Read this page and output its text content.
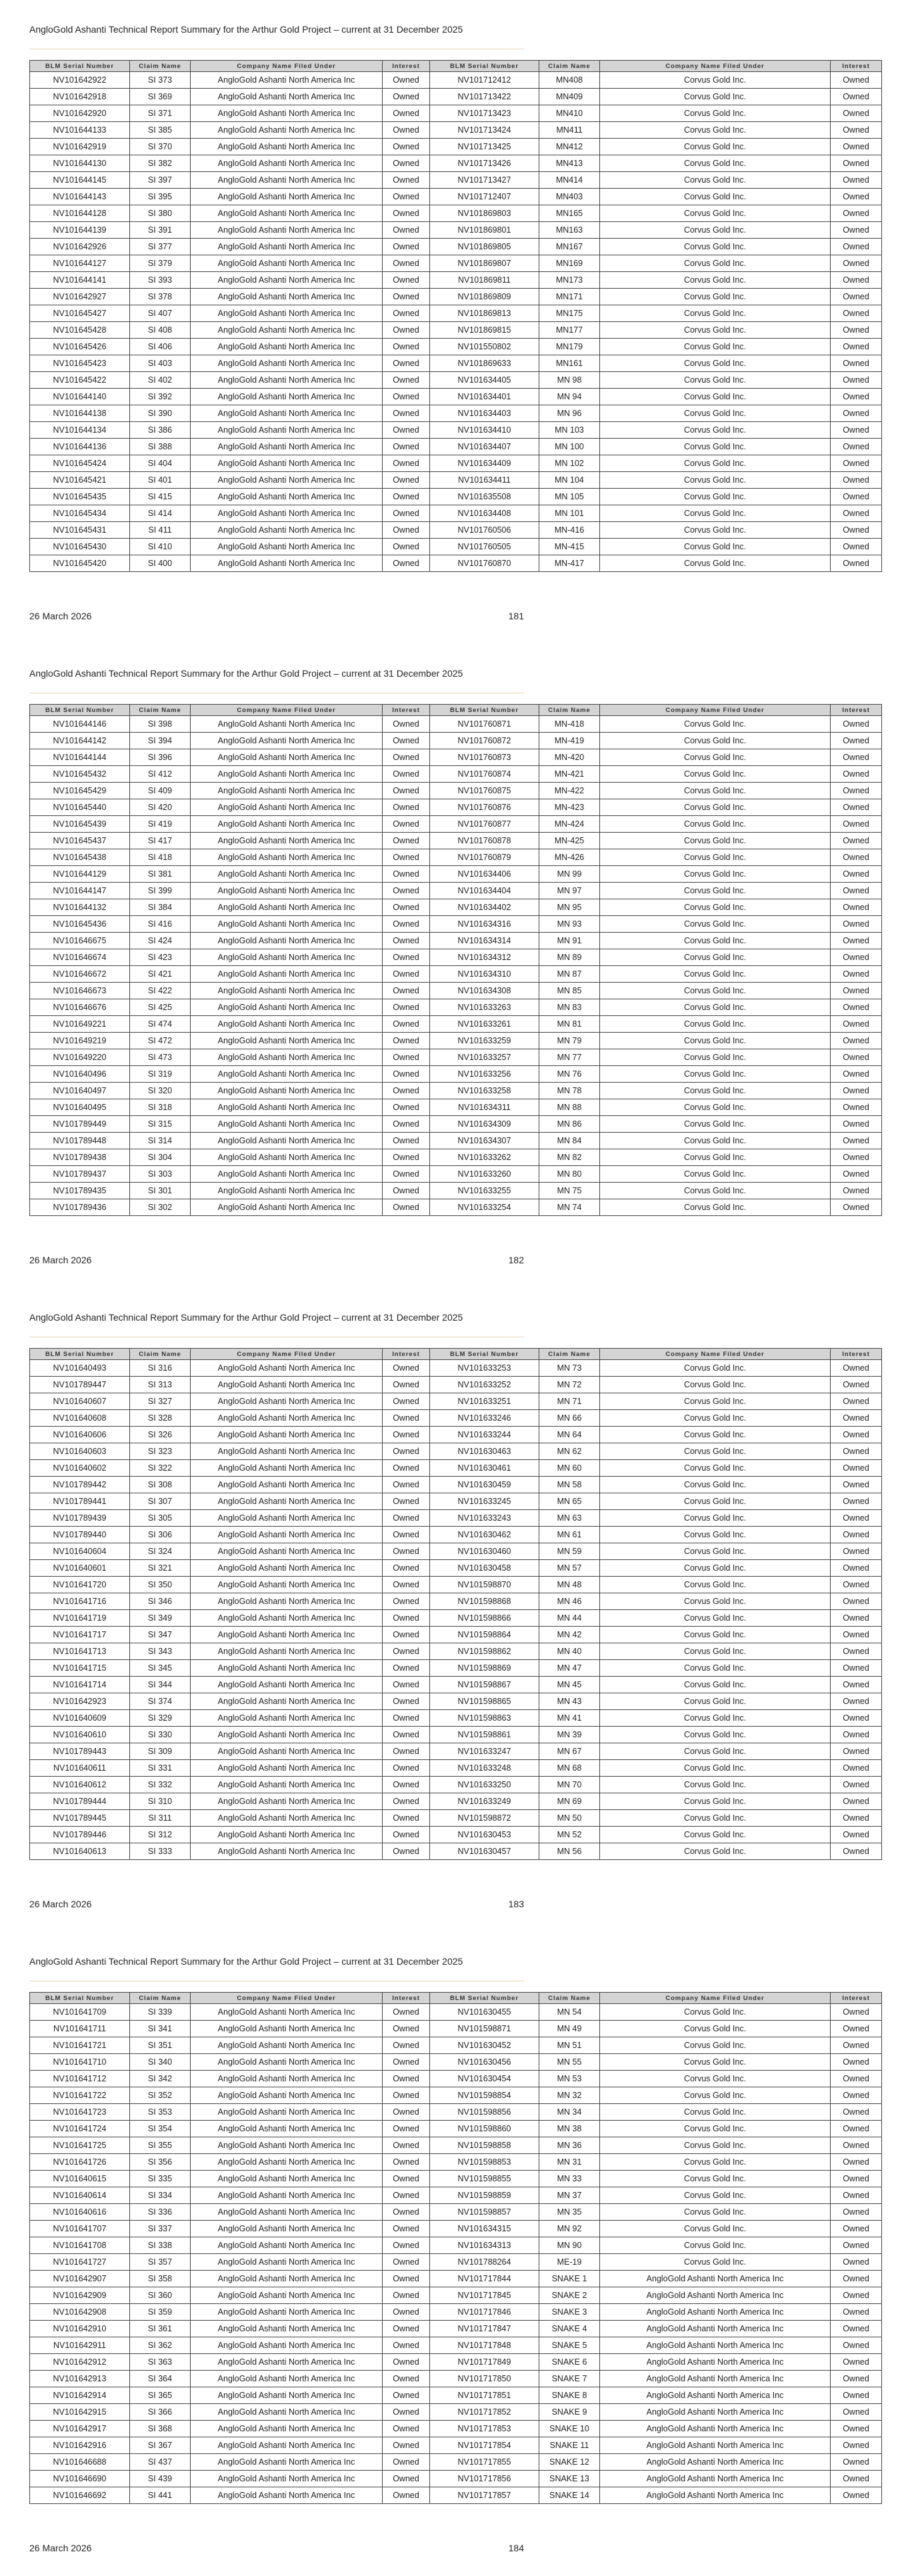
AngloGold Ashanti Technical Report Summary for the Arthur Gold Project – current at 31 December 2025
BLM Serial Number	Claim Name	Company Name Filed Under	Interest	BLM Serial Number	Claim Name	Company Name Filed Under	Interest
NV101642922	SI 373	AngloGold Ashanti North America Inc	Owned	NV101712412	MN408	Corvus Gold Inc.	Owned
NV101642918	SI 369	AngloGold Ashanti North America Inc	Owned	NV101713422	MN409	Corvus Gold Inc.	Owned
NV101642920	SI 371	AngloGold Ashanti North America Inc	Owned	NV101713423	MN410	Corvus Gold Inc.	Owned
NV101644133	SI 385	AngloGold Ashanti North America Inc	Owned	NV101713424	MN411	Corvus Gold Inc.	Owned
NV101642919	SI 370	AngloGold Ashanti North America Inc	Owned	NV101713425	MN412	Corvus Gold Inc.	Owned
NV101644130	SI 382	AngloGold Ashanti North America Inc	Owned	NV101713426	MN413	Corvus Gold Inc.	Owned
NV101644145	SI 397	AngloGold Ashanti North America Inc	Owned	NV101713427	MN414	Corvus Gold Inc.	Owned
NV101644143	SI 395	AngloGold Ashanti North America Inc	Owned	NV101712407	MN403	Corvus Gold Inc.	Owned
NV101644128	SI 380	AngloGold Ashanti North America Inc	Owned	NV101869803	MN165	Corvus Gold Inc.	Owned
NV101644139	SI 391	AngloGold Ashanti North America Inc	Owned	NV101869801	MN163	Corvus Gold Inc.	Owned
NV101642926	SI 377	AngloGold Ashanti North America Inc	Owned	NV101869805	MN167	Corvus Gold Inc.	Owned
NV101644127	SI 379	AngloGold Ashanti North America Inc	Owned	NV101869807	MN169	Corvus Gold Inc.	Owned
NV101644141	SI 393	AngloGold Ashanti North America Inc	Owned	NV101869811	MN173	Corvus Gold Inc.	Owned
NV101642927	SI 378	AngloGold Ashanti North America Inc	Owned	NV101869809	MN171	Corvus Gold Inc.	Owned
NV101645427	SI 407	AngloGold Ashanti North America Inc	Owned	NV101869813	MN175	Corvus Gold Inc.	Owned
NV101645428	SI 408	AngloGold Ashanti North America Inc	Owned	NV101869815	MN177	Corvus Gold Inc.	Owned
NV101645426	SI 406	AngloGold Ashanti North America Inc	Owned	NV101550802	MN179	Corvus Gold Inc.	Owned
NV101645423	SI 403	AngloGold Ashanti North America Inc	Owned	NV101869633	MN161	Corvus Gold Inc.	Owned
NV101645422	SI 402	AngloGold Ashanti North America Inc	Owned	NV101634405	MN 98	Corvus Gold Inc.	Owned
NV101644140	SI 392	AngloGold Ashanti North America Inc	Owned	NV101634401	MN 94	Corvus Gold Inc.	Owned
NV101644138	SI 390	AngloGold Ashanti North America Inc	Owned	NV101634403	MN 96	Corvus Gold Inc.	Owned
NV101644134	SI 386	AngloGold Ashanti North America Inc	Owned	NV101634410	MN 103	Corvus Gold Inc.	Owned
NV101644136	SI 388	AngloGold Ashanti North America Inc	Owned	NV101634407	MN 100	Corvus Gold Inc.	Owned
NV101645424	SI 404	AngloGold Ashanti North America Inc	Owned	NV101634409	MN 102	Corvus Gold Inc.	Owned
NV101645421	SI 401	AngloGold Ashanti North America Inc	Owned	NV101634411	MN 104	Corvus Gold Inc.	Owned
NV101645435	SI 415	AngloGold Ashanti North America Inc	Owned	NV101635508	MN 105	Corvus Gold Inc.	Owned
NV101645434	SI 414	AngloGold Ashanti North America Inc	Owned	NV101634408	MN 101	Corvus Gold Inc.	Owned
NV101645431	SI 411	AngloGold Ashanti North America Inc	Owned	NV101760506	MN-416	Corvus Gold Inc.	Owned
NV101645430	SI 410	AngloGold Ashanti North America Inc	Owned	NV101760505	MN-415	Corvus Gold Inc.	Owned
NV101645420	SI 400	AngloGold Ashanti North America Inc	Owned	NV101760870	MN-417	Corvus Gold Inc.	Owned
26 March 2026	181
AngloGold Ashanti Technical Report Summary for the Arthur Gold Project – current at 31 December 2025
BLM Serial Number	Claim Name	Company Name Filed Under	Interest	BLM Serial Number	Claim Name	Company Name Filed Under	Interest
NV101644146	SI 398	AngloGold Ashanti North America Inc	Owned	NV101760871	MN-418	Corvus Gold Inc.	Owned
NV101644142	SI 394	AngloGold Ashanti North America Inc	Owned	NV101760872	MN-419	Corvus Gold Inc.	Owned
NV101644144	SI 396	AngloGold Ashanti North America Inc	Owned	NV101760873	MN-420	Corvus Gold Inc.	Owned
NV101645432	SI 412	AngloGold Ashanti North America Inc	Owned	NV101760874	MN-421	Corvus Gold Inc.	Owned
NV101645429	SI 409	AngloGold Ashanti North America Inc	Owned	NV101760875	MN-422	Corvus Gold Inc.	Owned
NV101645440	SI 420	AngloGold Ashanti North America Inc	Owned	NV101760876	MN-423	Corvus Gold Inc.	Owned
NV101645439	SI 419	AngloGold Ashanti North America Inc	Owned	NV101760877	MN-424	Corvus Gold Inc.	Owned
NV101645437	SI 417	AngloGold Ashanti North America Inc	Owned	NV101760878	MN-425	Corvus Gold Inc.	Owned
NV101645438	SI 418	AngloGold Ashanti North America Inc	Owned	NV101760879	MN-426	Corvus Gold Inc.	Owned
NV101644129	SI 381	AngloGold Ashanti North America Inc	Owned	NV101634406	MN 99	Corvus Gold Inc.	Owned
NV101644147	SI 399	AngloGold Ashanti North America Inc	Owned	NV101634404	MN 97	Corvus Gold Inc.	Owned
NV101644132	SI 384	AngloGold Ashanti North America Inc	Owned	NV101634402	MN 95	Corvus Gold Inc.	Owned
NV101645436	SI 416	AngloGold Ashanti North America Inc	Owned	NV101634316	MN 93	Corvus Gold Inc.	Owned
NV101646675	SI 424	AngloGold Ashanti North America Inc	Owned	NV101634314	MN 91	Corvus Gold Inc.	Owned
NV101646674	SI 423	AngloGold Ashanti North America Inc	Owned	NV101634312	MN 89	Corvus Gold Inc.	Owned
NV101646672	SI 421	AngloGold Ashanti North America Inc	Owned	NV101634310	MN 87	Corvus Gold Inc.	Owned
NV101646673	SI 422	AngloGold Ashanti North America Inc	Owned	NV101634308	MN 85	Corvus Gold Inc.	Owned
NV101646676	SI 425	AngloGold Ashanti North America Inc	Owned	NV101633263	MN 83	Corvus Gold Inc.	Owned
NV101649221	SI 474	AngloGold Ashanti North America Inc	Owned	NV101633261	MN 81	Corvus Gold Inc.	Owned
NV101649219	SI 472	AngloGold Ashanti North America Inc	Owned	NV101633259	MN 79	Corvus Gold Inc.	Owned
NV101649220	SI 473	AngloGold Ashanti North America Inc	Owned	NV101633257	MN 77	Corvus Gold Inc.	Owned
NV101640496	SI 319	AngloGold Ashanti North America Inc	Owned	NV101633256	MN 76	Corvus Gold Inc.	Owned
NV101640497	SI 320	AngloGold Ashanti North America Inc	Owned	NV101633258	MN 78	Corvus Gold Inc.	Owned
NV101640495	SI 318	AngloGold Ashanti North America Inc	Owned	NV101634311	MN 88	Corvus Gold Inc.	Owned
NV101789449	SI 315	AngloGold Ashanti North America Inc	Owned	NV101634309	MN 86	Corvus Gold Inc.	Owned
NV101789448	SI 314	AngloGold Ashanti North America Inc	Owned	NV101634307	MN 84	Corvus Gold Inc.	Owned
NV101789438	SI 304	AngloGold Ashanti North America Inc	Owned	NV101633262	MN 82	Corvus Gold Inc.	Owned
NV101789437	SI 303	AngloGold Ashanti North America Inc	Owned	NV101633260	MN 80	Corvus Gold Inc.	Owned
NV101789435	SI 301	AngloGold Ashanti North America Inc	Owned	NV101633255	MN 75	Corvus Gold Inc.	Owned
NV101789436	SI 302	AngloGold Ashanti North America Inc	Owned	NV101633254	MN 74	Corvus Gold Inc.	Owned
26 March 2026	182
AngloGold Ashanti Technical Report Summary for the Arthur Gold Project – current at 31 December 2025
BLM Serial Number	Claim Name	Company Name Filed Under	Interest	BLM Serial Number	Claim Name	Company Name Filed Under	Interest
NV101640493	SI 316	AngloGold Ashanti North America Inc	Owned	NV101633253	MN 73	Corvus Gold Inc.	Owned
NV101789447	SI 313	AngloGold Ashanti North America Inc	Owned	NV101633252	MN 72	Corvus Gold Inc.	Owned
NV101640607	SI 327	AngloGold Ashanti North America Inc	Owned	NV101633251	MN 71	Corvus Gold Inc.	Owned
NV101640608	SI 328	AngloGold Ashanti North America Inc	Owned	NV101633246	MN 66	Corvus Gold Inc.	Owned
NV101640606	SI 326	AngloGold Ashanti North America Inc	Owned	NV101633244	MN 64	Corvus Gold Inc.	Owned
NV101640603	SI 323	AngloGold Ashanti North America Inc	Owned	NV101630463	MN 62	Corvus Gold Inc.	Owned
NV101640602	SI 322	AngloGold Ashanti North America Inc	Owned	NV101630461	MN 60	Corvus Gold Inc.	Owned
NV101789442	SI 308	AngloGold Ashanti North America Inc	Owned	NV101630459	MN 58	Corvus Gold Inc.	Owned
NV101789441	SI 307	AngloGold Ashanti North America Inc	Owned	NV101633245	MN 65	Corvus Gold Inc.	Owned
NV101789439	SI 305	AngloGold Ashanti North America Inc	Owned	NV101633243	MN 63	Corvus Gold Inc.	Owned
NV101789440	SI 306	AngloGold Ashanti North America Inc	Owned	NV101630462	MN 61	Corvus Gold Inc.	Owned
NV101640604	SI 324	AngloGold Ashanti North America Inc	Owned	NV101630460	MN 59	Corvus Gold Inc.	Owned
NV101640601	SI 321	AngloGold Ashanti North America Inc	Owned	NV101630458	MN 57	Corvus Gold Inc.	Owned
NV101641720	SI 350	AngloGold Ashanti North America Inc	Owned	NV101598870	MN 48	Corvus Gold Inc.	Owned
NV101641716	SI 346	AngloGold Ashanti North America Inc	Owned	NV101598868	MN 46	Corvus Gold Inc.	Owned
NV101641719	SI 349	AngloGold Ashanti North America Inc	Owned	NV101598866	MN 44	Corvus Gold Inc.	Owned
NV101641717	SI 347	AngloGold Ashanti North America Inc	Owned	NV101598864	MN 42	Corvus Gold Inc.	Owned
NV101641713	SI 343	AngloGold Ashanti North America Inc	Owned	NV101598862	MN 40	Corvus Gold Inc.	Owned
NV101641715	SI 345	AngloGold Ashanti North America Inc	Owned	NV101598869	MN 47	Corvus Gold Inc.	Owned
NV101641714	SI 344	AngloGold Ashanti North America Inc	Owned	NV101598867	MN 45	Corvus Gold Inc.	Owned
NV101642923	SI 374	AngloGold Ashanti North America Inc	Owned	NV101598865	MN 43	Corvus Gold Inc.	Owned
NV101640609	SI 329	AngloGold Ashanti North America Inc	Owned	NV101598863	MN 41	Corvus Gold Inc.	Owned
NV101640610	SI 330	AngloGold Ashanti North America Inc	Owned	NV101598861	MN 39	Corvus Gold Inc.	Owned
NV101789443	SI 309	AngloGold Ashanti North America Inc	Owned	NV101633247	MN 67	Corvus Gold Inc.	Owned
NV101640611	SI 331	AngloGold Ashanti North America Inc	Owned	NV101633248	MN 68	Corvus Gold Inc.	Owned
NV101640612	SI 332	AngloGold Ashanti North America Inc	Owned	NV101633250	MN 70	Corvus Gold Inc.	Owned
NV101789444	SI 310	AngloGold Ashanti North America Inc	Owned	NV101633249	MN 69	Corvus Gold Inc.	Owned
NV101789445	SI 311	AngloGold Ashanti North America Inc	Owned	NV101598872	MN 50	Corvus Gold Inc.	Owned
NV101789446	SI 312	AngloGold Ashanti North America Inc	Owned	NV101630453	MN 52	Corvus Gold Inc.	Owned
NV101640613	SI 333	AngloGold Ashanti North America Inc	Owned	NV101630457	MN 56	Corvus Gold Inc.	Owned
26 March 2026	183
AngloGold Ashanti Technical Report Summary for the Arthur Gold Project – current at 31 December 2025
BLM Serial Number	Claim Name	Company Name Filed Under	Interest	BLM Serial Number	Claim Name	Company Name Filed Under	Interest
NV101641709	SI 339	AngloGold Ashanti North America Inc	Owned	NV101630455	MN 54	Corvus Gold Inc.	Owned
NV101641711	SI 341	AngloGold Ashanti North America Inc	Owned	NV101598871	MN 49	Corvus Gold Inc.	Owned
NV101641721	SI 351	AngloGold Ashanti North America Inc	Owned	NV101630452	MN 51	Corvus Gold Inc.	Owned
NV101641710	SI 340	AngloGold Ashanti North America Inc	Owned	NV101630456	MN 55	Corvus Gold Inc.	Owned
NV101641712	SI 342	AngloGold Ashanti North America Inc	Owned	NV101630454	MN 53	Corvus Gold Inc.	Owned
NV101641722	SI 352	AngloGold Ashanti North America Inc	Owned	NV101598854	MN 32	Corvus Gold Inc.	Owned
NV101641723	SI 353	AngloGold Ashanti North America Inc	Owned	NV101598856	MN 34	Corvus Gold Inc.	Owned
NV101641724	SI 354	AngloGold Ashanti North America Inc	Owned	NV101598860	MN 38	Corvus Gold Inc.	Owned
NV101641725	SI 355	AngloGold Ashanti North America Inc	Owned	NV101598858	MN 36	Corvus Gold Inc.	Owned
NV101641726	SI 356	AngloGold Ashanti North America Inc	Owned	NV101598853	MN 31	Corvus Gold Inc.	Owned
NV101640615	SI 335	AngloGold Ashanti North America Inc	Owned	NV101598855	MN 33	Corvus Gold Inc.	Owned
NV101640614	SI 334	AngloGold Ashanti North America Inc	Owned	NV101598859	MN 37	Corvus Gold Inc.	Owned
NV101640616	SI 336	AngloGold Ashanti North America Inc	Owned	NV101598857	MN 35	Corvus Gold Inc.	Owned
NV101641707	SI 337	AngloGold Ashanti North America Inc	Owned	NV101634315	MN 92	Corvus Gold Inc.	Owned
NV101641708	SI 338	AngloGold Ashanti North America Inc	Owned	NV101634313	MN 90	Corvus Gold Inc.	Owned
NV101641727	SI 357	AngloGold Ashanti North America Inc	Owned	NV101788264	ME-19	Corvus Gold Inc.	Owned
NV101642907	SI 358	AngloGold Ashanti North America Inc	Owned	NV101717844	SNAKE 1	AngloGold Ashanti North America Inc	Owned
NV101642909	SI 360	AngloGold Ashanti North America Inc	Owned	NV101717845	SNAKE 2	AngloGold Ashanti North America Inc	Owned
NV101642908	SI 359	AngloGold Ashanti North America Inc	Owned	NV101717846	SNAKE 3	AngloGold Ashanti North America Inc	Owned
NV101642910	SI 361	AngloGold Ashanti North America Inc	Owned	NV101717847	SNAKE 4	AngloGold Ashanti North America Inc	Owned
NV101642911	SI 362	AngloGold Ashanti North America Inc	Owned	NV101717848	SNAKE 5	AngloGold Ashanti North America Inc	Owned
NV101642912	SI 363	AngloGold Ashanti North America Inc	Owned	NV101717849	SNAKE 6	AngloGold Ashanti North America Inc	Owned
NV101642913	SI 364	AngloGold Ashanti North America Inc	Owned	NV101717850	SNAKE 7	AngloGold Ashanti North America Inc	Owned
NV101642914	SI 365	AngloGold Ashanti North America Inc	Owned	NV101717851	SNAKE 8	AngloGold Ashanti North America Inc	Owned
NV101642915	SI 366	AngloGold Ashanti North America Inc	Owned	NV101717852	SNAKE 9	AngloGold Ashanti North America Inc	Owned
NV101642917	SI 368	AngloGold Ashanti North America Inc	Owned	NV101717853	SNAKE 10	AngloGold Ashanti North America Inc	Owned
NV101642916	SI 367	AngloGold Ashanti North America Inc	Owned	NV101717854	SNAKE 11	AngloGold Ashanti North America Inc	Owned
NV101646688	SI 437	AngloGold Ashanti North America Inc	Owned	NV101717855	SNAKE 12	AngloGold Ashanti North America Inc	Owned
NV101646690	SI 439	AngloGold Ashanti North America Inc	Owned	NV101717856	SNAKE 13	AngloGold Ashanti North America Inc	Owned
NV101646692	SI 441	AngloGold Ashanti North America Inc	Owned	NV101717857	SNAKE 14	AngloGold Ashanti North America Inc	Owned
26 March 2026	184
